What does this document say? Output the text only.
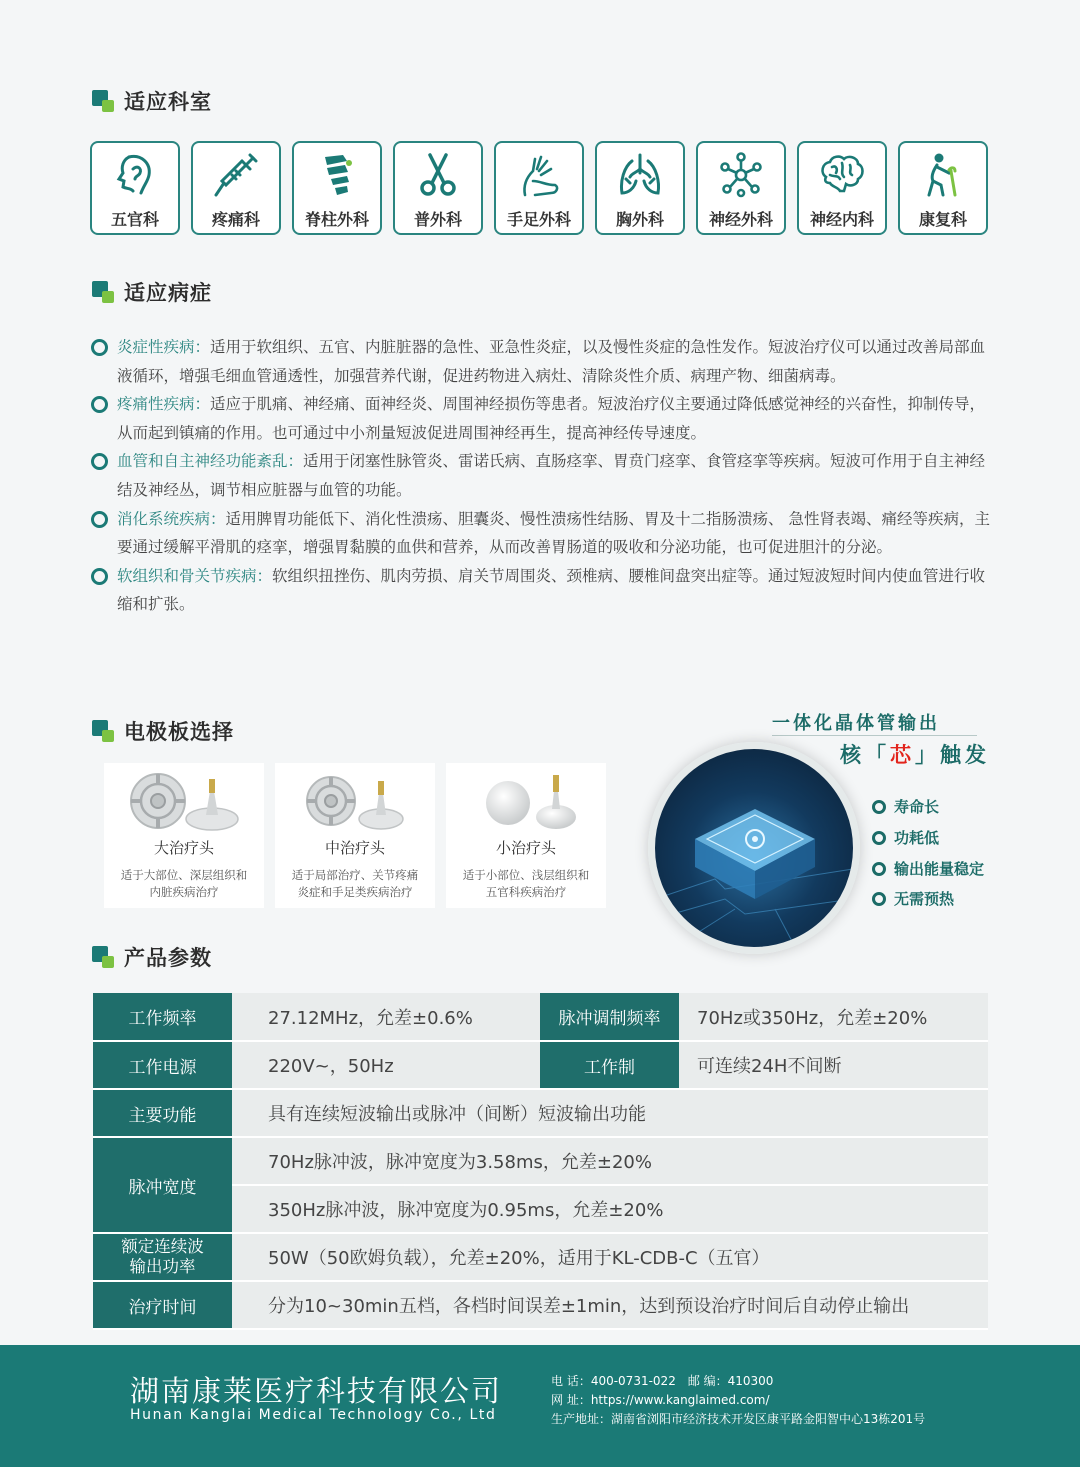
适应科室
五官科	疼痛科	脊柱外科	普外科	手足外科	胸外科	神经外科 神经内科	康复科
适应病症
炎症性疾病：适用于软组织、五官、内脏脏器的急性、亚急性炎症，以及慢性炎症的急性发作。短波治疗仪可以通过改善局部血液循环，增强毛细血管通透性，加强营养代谢，促进药物进入病灶、清除炎性介质、病理产物、细菌病毒。
疼痛性疾病：适应于肌痛、神经痛、面神经炎、周围神经损伤等患者。短波治疗仪主要通过降低感觉神经的兴奋性，抑制传导，从而起到镇痛的作用。也可通过中小剂量短波促进周围神经再生，提高神经传导速度。
血管和自主神经功能紊乱：适用于闭塞性脉管炎、雷诺氏病、直肠痉挛、胃贲门痉挛、食管痉挛等疾病。短波可作用于自主神经结及神经丛，调节相应脏器与血管的功能。
消化系统疾病：适用脾胃功能低下、消化性溃疡、胆囊炎、慢性溃疡性结肠、胃及十二指肠溃疡、 急性肾表竭、痛经等疾病，主要通过缓解平滑肌的痉挛，增强胃黏膜的血供和营养，从而改善胃肠道的吸收和分泌功能，也可促进胆汁的分泌。
软组织和骨关节疾病：软组织扭挫伤、肌肉劳损、肩关节周围炎、颈椎病、腰椎间盘突出症等。通过短波短时间内使血管进行收缩和扩张。
电极板选择
大治疗头
适于大部位、深层组织和
内脏疾病治疗
中治疗头
适于局部治疗、关节疼痛
炎症和手足类疾病治疗
小治疗头
适于小部位、浅层组织和
五官科疾病治疗
一体化晶体管输出
核「芯」触发
寿命长
功耗低
输出能量稳定
无需预热
产品参数
工作频率	27.12MHz，允差±0.6%	脉冲调制频率	70Hz或350Hz，允差±20%
工作电源	220V~，50Hz	工作制	可连续24H不间断
主要功能	具有连续短波输出或脉冲（间断）短波输出功能		
脉冲宽度	70Hz脉冲波，脉冲宽度为3.58ms，允差±20%		
	350Hz脉冲波，脉冲宽度为0.95ms，允差±20%		
额定连续波
输出功率	50W（50欧姆负载），允差±20%，适用于KL-CDB-C（五官）		
治疗时间	分为10~30min五档，各档时间误差±1min，达到预设治疗时间后自动停止输出		
湖南康莱医疗科技有限公司
Hunan Kanglai Medical Technology Co., Ltd
电 话：400-0731-022　邮 编：410300
网 址：https://www.kanglaimed.com/
生产地址：湖南省浏阳市经济技术开发区康平路金阳智中心13栋201号
